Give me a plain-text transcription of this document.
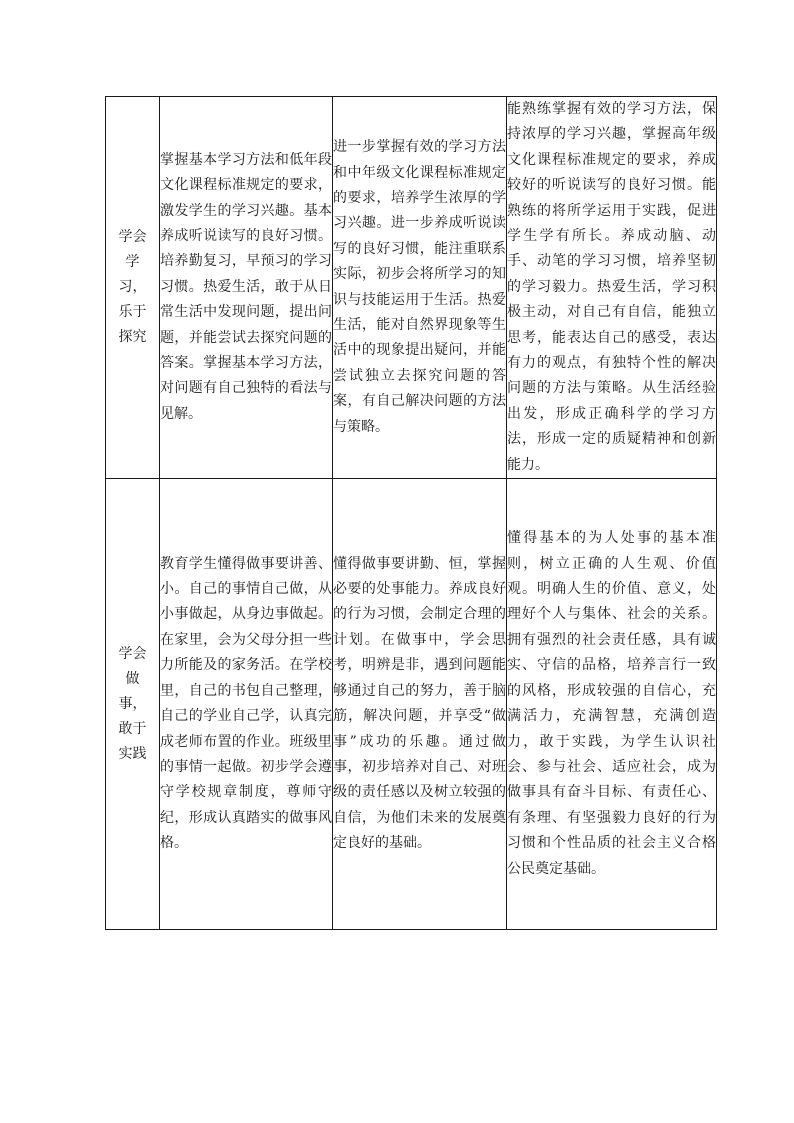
学会学习，乐于探究	掌握基本学习方法和低年段文化课程标准规定的要求，激发学生的学习兴趣。基本养成听说读写的良好习惯。培养勤复习，早预习的学习习惯。热爱生活，敢于从日常生活中发现问题，提出问题，并能尝试去探究问题的答案。掌握基本学习方法，对问题有自己独特的看法与见解。	进一步掌握有效的学习方法和中年级文化课程标准规定的要求，培养学生浓厚的学习兴趣。进一步养成听说读写的良好习惯，能注重联系实际，初步会将所学习的知识与技能运用于生活。热爱生活，能对自然界现象等生活中的现象提出疑问，并能尝试独立去探究问题的答案，有自己解决问题的方法与策略。	能熟练掌握有效的学习方法，保持浓厚的学习兴趣，掌握高年级文化课程标准规定的要求，养成较好的听说读写的良好习惯。能熟练的将所学运用于实践，促进学生学有所长。养成动脑、动手、动笔的学习习惯，培养坚韧的学习毅力。热爱生活，学习积极主动，对自己有自信，能独立思考，能表达自己的感受，表达有力的观点，有独特个性的解决问题的方法与策略。从生活经验出发，形成正确科学的学习方法，形成一定的质疑精神和创新能力。

学会做事，敢于实践	教育学生懂得做事要讲善、小。自己的事情自己做，从小事做起，从身边事做起。在家里，会为父母分担一些力所能及的家务活。在学校里，自己的书包自己整理，自己的学业自己学，认真完成老师布置的作业。班级里的事情一起做。初步学会遵守学校规章制度，尊师守纪，形成认真踏实的做事风格。	懂得做事要讲勤、恒，掌握必要的处事能力。养成良好的行为习惯，会制定合理的计划。在做事中，学会思考，明辨是非，遇到问题能够通过自己的努力，善于脑筋，解决问题，并享受“做事”成功的乐趣。通过做事，初步培养对自己、对班级的责任感以及树立较强的自信，为他们未来的发展奠定良好的基础。	懂得基本的为人处事的基本准则，树立正确的人生观、价值观。明确人生的价值、意义，处理好个人与集体、社会的关系。拥有强烈的社会责任感，具有诚实、守信的品格，培养言行一致的风格，形成较强的自信心，充满活力，充满智慧，充满创造力，敢于实践，为学生认识社会、参与社会、适应社会，成为做事具有奋斗目标、有责任心、有条理、有坚强毅力良好的行为习惯和个性品质的社会主义合格公民奠定基础。
